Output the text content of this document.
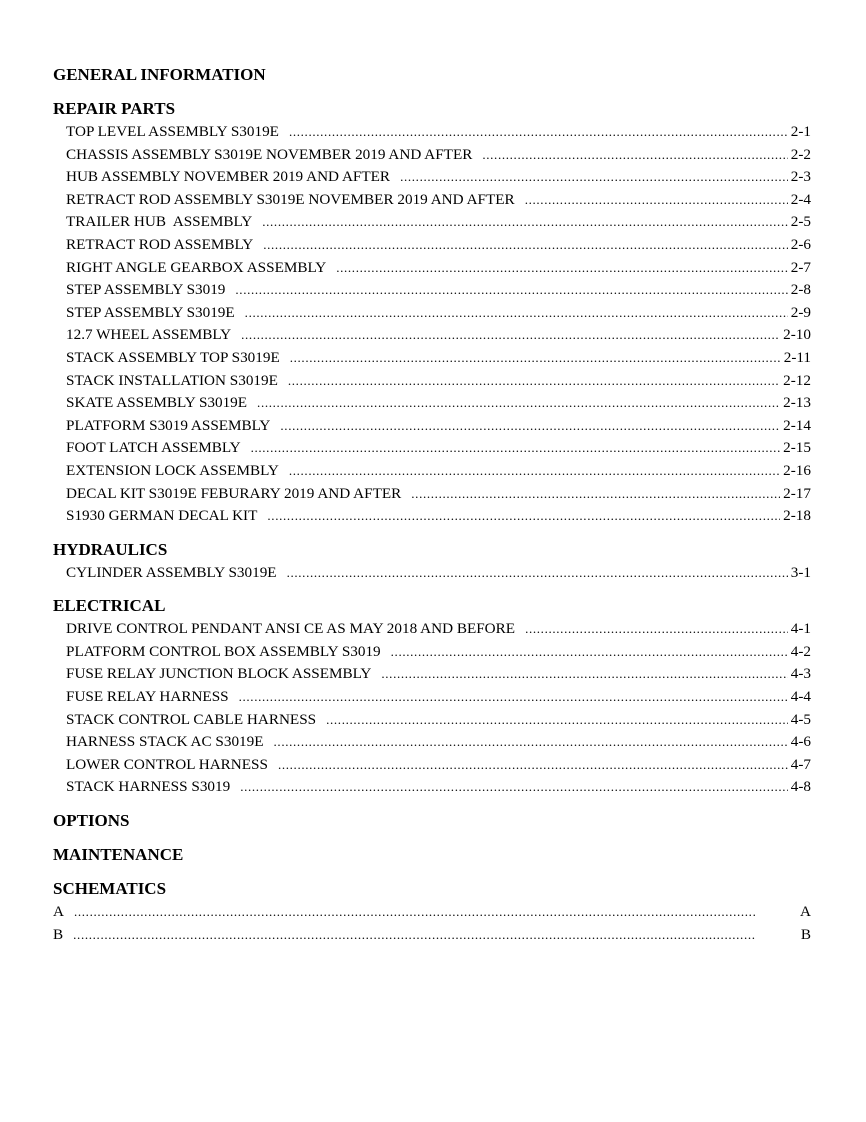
GENERAL INFORMATION
REPAIR PARTS
TOP LEVEL ASSEMBLY S3019E . . .	2-1
CHASSIS ASSEMBLY S3019E NOVEMBER 2019 AND AFTER . . .	2-2
HUB ASSEMBLY NOVEMBER 2019 AND AFTER . . .	2-3
RETRACT ROD ASSEMBLY S3019E NOVEMBER 2019 AND AFTER . . .	2-4
TRAILER HUB  ASSEMBLY . . .	2-5
RETRACT ROD ASSEMBLY . . .	2-6
RIGHT ANGLE GEARBOX ASSEMBLY . . .	2-7
STEP ASSEMBLY S3019 . . .	2-8
STEP ASSEMBLY S3019E . . .	2-9
12.7 WHEEL ASSEMBLY . . .	2-10
STACK ASSEMBLY TOP S3019E . . .	2-11
STACK INSTALLATION S3019E . . .	2-12
SKATE ASSEMBLY S3019E . . .	2-13
PLATFORM S3019 ASSEMBLY . . .	2-14
FOOT LATCH ASSEMBLY . . .	2-15
EXTENSION LOCK ASSEMBLY . . .	2-16
DECAL KIT S3019E FEBURARY 2019 AND AFTER . . .	2-17
S1930 GERMAN DECAL KIT . . .	2-18
HYDRAULICS
CYLINDER ASSEMBLY S3019E . . .	3-1
ELECTRICAL
DRIVE CONTROL PENDANT ANSI CE AS MAY 2018 AND BEFORE . . .	4-1
PLATFORM CONTROL BOX ASSEMBLY S3019 . . .	4-2
FUSE RELAY JUNCTION BLOCK ASSEMBLY . . .	4-3
FUSE RELAY HARNESS . . .	4-4
STACK CONTROL CABLE HARNESS . . .	4-5
HARNESS STACK AC S3019E . . .	4-6
LOWER CONTROL HARNESS . . .	4-7
STACK HARNESS S3019 . . .	4-8
OPTIONS
MAINTENANCE
SCHEMATICS
A . . .	A
B . . .	B
